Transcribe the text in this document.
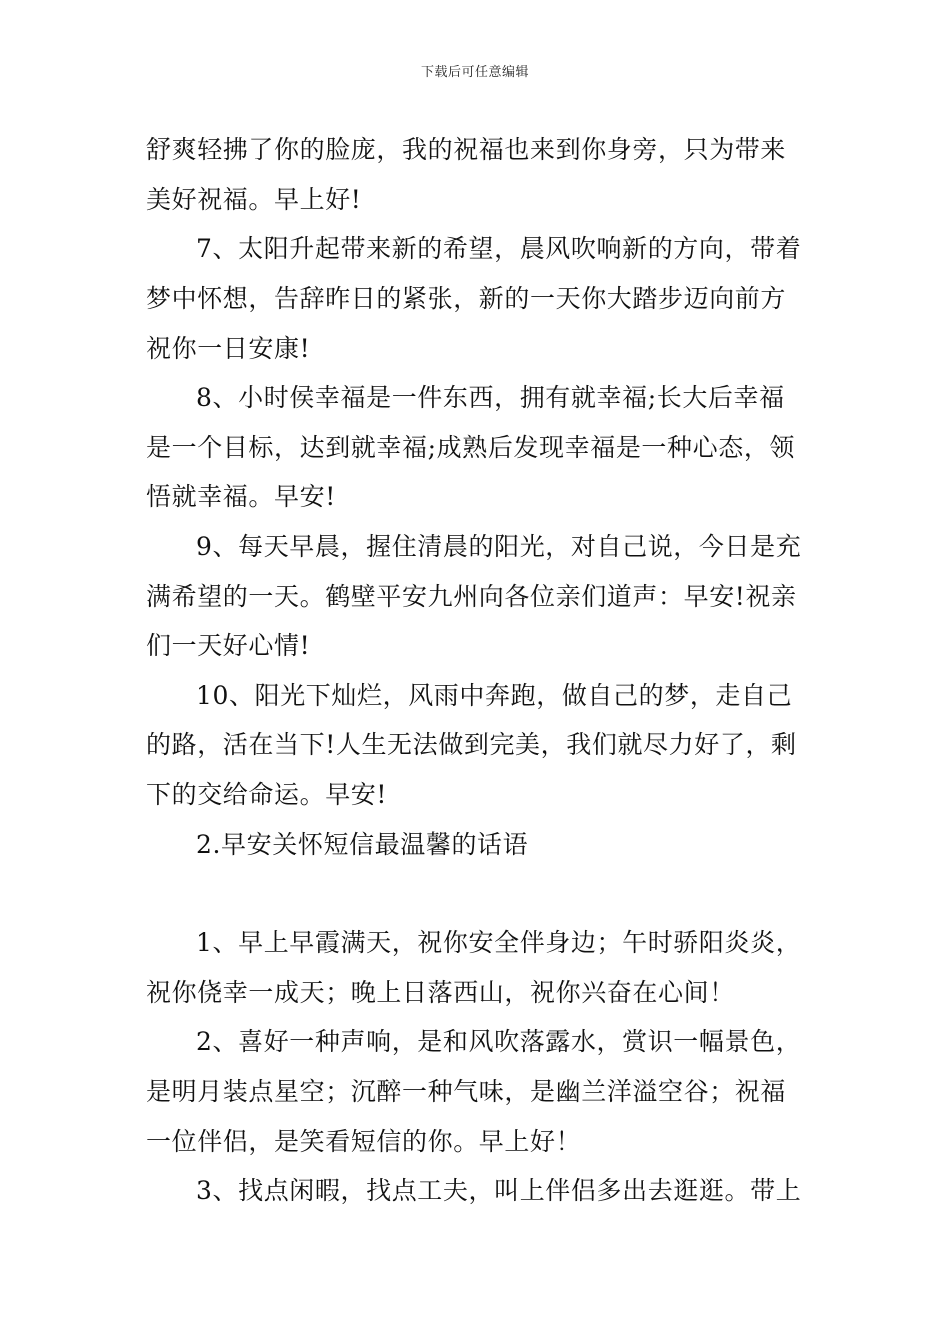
下载后可任意编辑
舒爽轻拂了你的脸庞，我的祝福也来到你身旁，只为带来
美好祝福。早上好!
7、太阳升起带来新的希望，晨风吹响新的方向，带着
梦中怀想，告辞昨日的紧张，新的一天你大踏步迈向前方
祝你一日安康!
8、小时侯幸福是一件东西，拥有就幸福;长大后幸福
是一个目标，达到就幸福;成熟后发现幸福是一种心态，领
悟就幸福。早安!
9、每天早晨，握住清晨的阳光，对自己说，今日是充
满希望的一天。鹤壁平安九州向各位亲们道声：早安!祝亲
们一天好心情!
10、阳光下灿烂，风雨中奔跑，做自己的梦，走自己
的路，活在当下!人生无法做到完美，我们就尽力好了，剩
下的交给命运。早安!
2.早安关怀短信最温馨的话语
1、早上早霞满天，祝你安全伴身边；午时骄阳炎炎，
祝你侥幸一成天；晚上日落西山，祝你兴奋在心间！
2、喜好一种声响，是和风吹落露水，赏识一幅景色，
是明月装点星空；沉醉一种气味，是幽兰洋溢空谷；祝福
一位伴侣，是笑看短信的你。早上好！
3、找点闲暇，找点工夫，叫上伴侣多出去逛逛。带上
